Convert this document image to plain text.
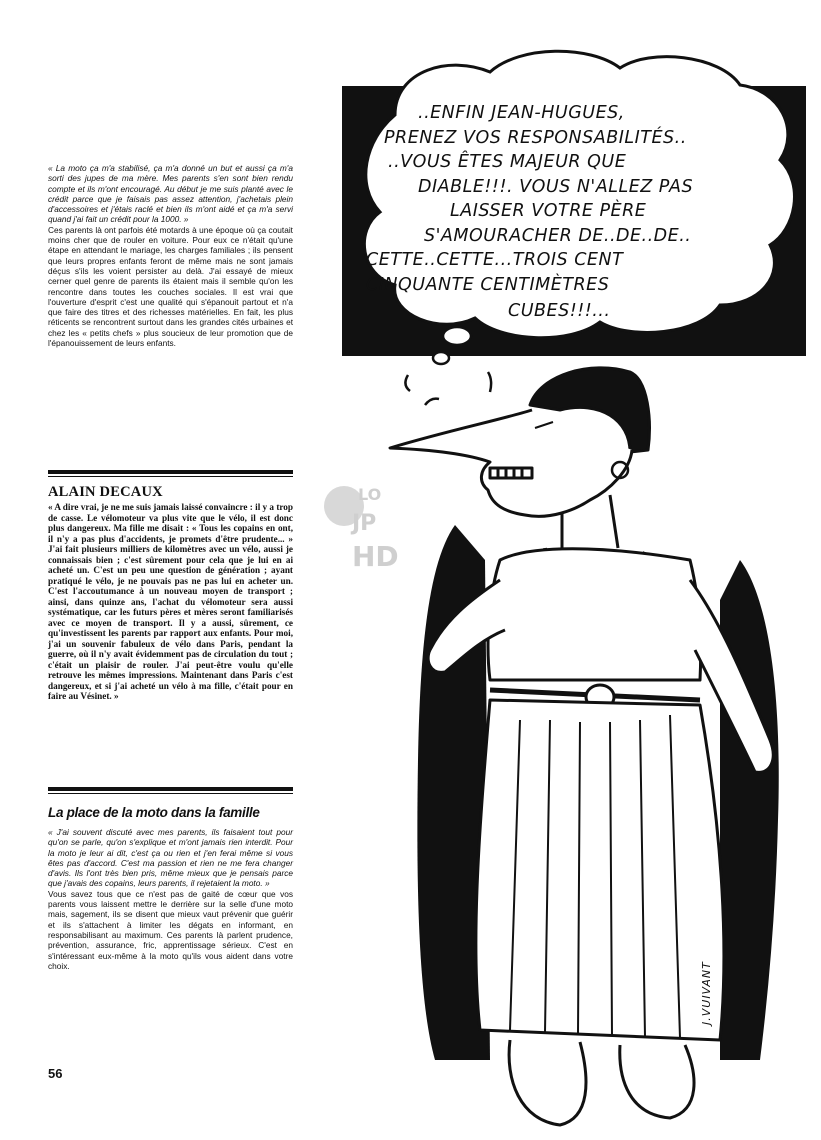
« La moto ça m'a stabilisé, ça m'a donné un but et aussi ça m'a sorti des jupes de ma mère. Mes parents s'en sont bien rendu compte et ils m'ont encouragé. Au début je me suis planté avec le crédit parce que je faisais pas assez attention, j'achetais plein d'accessoires et j'étais raclé et bien ils m'ont aidé et ça m'a servi quand j'ai fait un crédit pour la 1000. »

Ces parents là ont parfois été motards à une époque où ça coutait moins cher que de rouler en voiture. Pour eux ce n'était qu'une étape en attendant le mariage, les charges familiales ; ils pensent que leurs propres enfants feront de même mais ne sont jamais déçus s'ils les voient persister au delà. J'ai essayé de mieux cerner quel genre de parents ils étaient mais il semble qu'on les rencontre dans toutes les couches sociales. Il est vrai que l'ouverture d'esprit c'est une qualité qui s'épanouit partout et n'a que faire des titres et des richesses matérielles. En fait, les plus réticents se rencontrent surtout dans les grandes cités urbaines et chez les « petits chefs » plus soucieux de leur promotion que de l'épanouissement de leurs enfants.

ALAIN DECAUX

« A dire vrai, je ne me suis jamais laissé convaincre : il y a trop de casse. Le vélomoteur va plus vite que le vélo, il est donc plus dangereux. Ma fille me disait : « Tous les copains en ont, il n'y a pas plus d'accidents, je promets d'être prudente... » J'ai fait plusieurs milliers de kilomètres avec un vélo, aussi je connaissais bien ; c'est sûrement pour cela que je lui en ai acheté un. C'est un peu une question de génération ; ayant pratiqué le vélo, je ne pouvais pas ne pas lui en acheter un. C'est l'accoutumance à un nouveau moyen de transport ; ainsi, dans quinze ans, l'achat du vélomoteur sera aussi systématique, car les futurs pères et mères seront familiarisés avec ce moyen de transport. Il y a aussi, sûrement, ce qu'investissent les parents par rapport aux enfants. Pour moi, j'ai un souvenir fabuleux de vélo dans Paris, pendant la guerre, où il n'y avait évidemment pas de circulation du tout ; c'était un plaisir de rouler. J'ai peut-être voulu qu'elle retrouve les mêmes impressions. Maintenant dans Paris c'est dangereux, et si j'ai acheté un vélo à ma fille, c'était pour en faire au Vésinet. »

La place de la moto dans la famille

« J'ai souvent discuté avec mes parents, ils faisaient tout pour qu'on se parle, qu'on s'explique et m'ont jamais rien interdit. Pour la moto je leur ai dit, c'est ça ou rien et j'en ferai même si vous êtes pas d'accord. C'est ma passion et rien ne me fera changer d'avis. Ils l'ont très bien pris, même mieux que je pensais parce que j'avais des copains, leurs parents, il rejetaient la moto. »

Vous savez tous que ce n'est pas de gaité de cœur que vos parents vous laissent mettre le derrière sur la selle d'une moto mais, sagement, ils se disent que mieux vaut prévenir que guérir et ils s'attachent à limiter les dégats en informant, en responsabilisant au maximum. Ces parents là parlent prudence, prévention, assurance, fric, apprentissage sérieux. C'est en s'intéressant eux-même à la moto qu'ils vous aident dans votre choix.

56

..ENFIN JEAN-HUGUES,
PRENEZ VOS RESPONSABILITÉS..
..VOUS ÊTES MAJEUR QUE
DIABLE!!!. VOUS N'ALLEZ PAS
LAISSER VOTRE PÈRE
S'AMOURACHER DE..DE..DE..
CETTE..CETTE...TROIS CENT
CINQUANTE CENTIMÈTRES
CUBES!!!...
LO
JP
HD
J.VUIVANT
